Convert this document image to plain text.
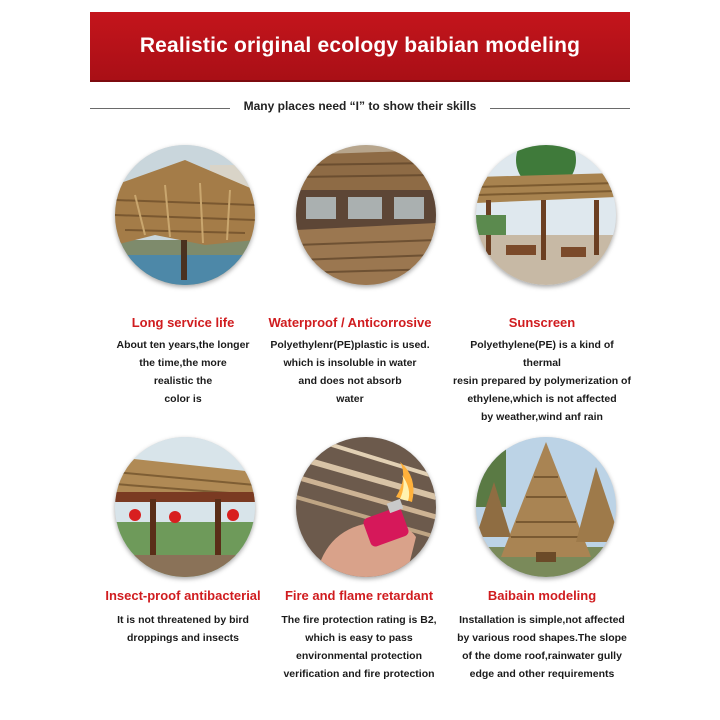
Realistic original ecology baibian modeling
Many places need “I” to show their skills
Long service life
About ten years,the longer
the time,the more
realistic the
color is
Waterproof / Anticorrosive
Polyethylenr(PE)plastic is used.
which is insoluble in water
and does not absorb
water
Sunscreen
Polyethylene(PE) is a kind of thermal
resin prepared by polymerization of
ethylene,which is not affected
by weather,wind anf rain
Insect-proof antibacterial
It is not threatened by bird
droppings and insects
Fire and flame retardant
The fire protection rating is B2,
which is easy to pass
environmental protection
verification and fire protection
Baibain modeling
Installation is simple,not affected
by various rood shapes.The slope
of the dome roof,rainwater gully
edge and other requirements
